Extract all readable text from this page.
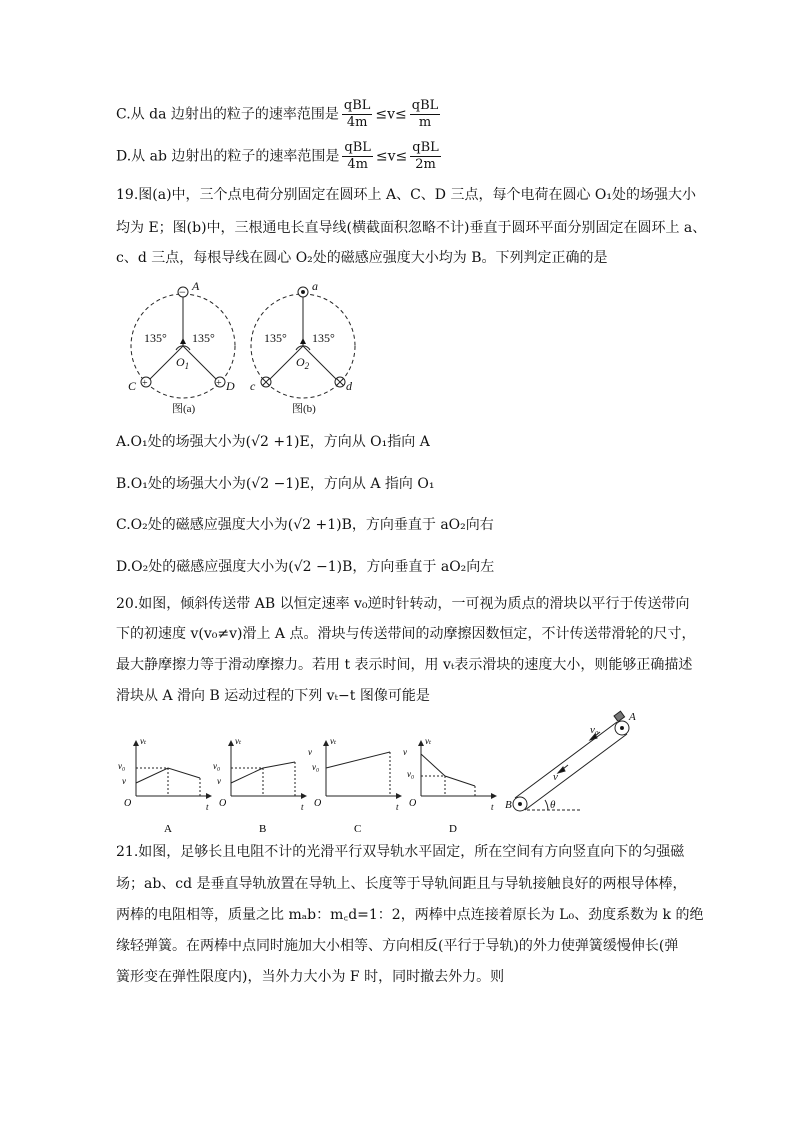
C.从 da 边射出的粒子的速率范围是 $\frac{\text{qBL}}{4m} \le v\le \frac{\text{qBL}}{m}$
D.从 ab 边射出的粒子的速率范围是 $\frac{\text{qBL}}{4m} \le v\le \frac{\text{qBL}}{2m}$
19.图(a)中，三个点电荷分别固定在圆环上 A、C、D 三点，每个电荷在圆心 O₁处的场强大小
均为 E；图(b)中，三根通电长直导线(横截面积忽略不计)垂直于圆环平面分别固定在圆环上 a、
c、d 三点，每根导线在圆心 O₂处的磁感应强度大小均为 B。下列判定正确的是
−
+	+
A
C	D
135° 135°
$O_1$
图(a)
a
c	d
135° 135°
$O_2$
图(b)
A.O₁处的场强大小为(√2 +1)E，方向从 O₁指向 A
B.O₁处的场强大小为(√2 −1)E，方向从 A 指向 O₁
C.O₂处的磁感应强度大小为(√2 +1)B，方向垂直于 aO₂向右
D.O₂处的磁感应强度大小为(√2 −1)B，方向垂直于 aO₂向左
20.如图，倾斜传送带 AB 以恒定速率 v₀逆时针转动，一可视为质点的滑块以平行于传送带向
下的初速度 v(v₀≠v)滑上 A 点。滑块与传送带间的动摩擦因数恒定，不计传送带滑轮的尺寸，
最大静摩擦力等于滑动摩擦力。若用 t 表示时间，用 vₜ表示滑块的速度大小，则能够正确描述
滑块从 A 滑向 B 运动过程的下列 vₜ−t 图像可能是
v₀
v
vₜ
t
O
A
v₀
v
vₜ
t
O
B
v
v₀
vₜ
t
O
C
v
v₀
vₜ
t
O
D
A
B
v₀
v
θ
21.如图，足够长且电阻不计的光滑平行双导轨水平固定，所在空间有方向竖直向下的匀强磁
场；ab、cd 是垂直导轨放置在导轨上、长度等于导轨间距且与导轨接触良好的两根导体棒，
两棒的电阻相等，质量之比 mₐb：m꜀d=1：2，两棒中点连接着原长为 L₀、劲度系数为 k 的绝
缘轻弹簧。在两棒中点同时施加大小相等、方向相反(平行于导轨)的外力使弹簧缓慢伸长(弹
簧形变在弹性限度内)，当外力大小为 F 时，同时撤去外力。则
